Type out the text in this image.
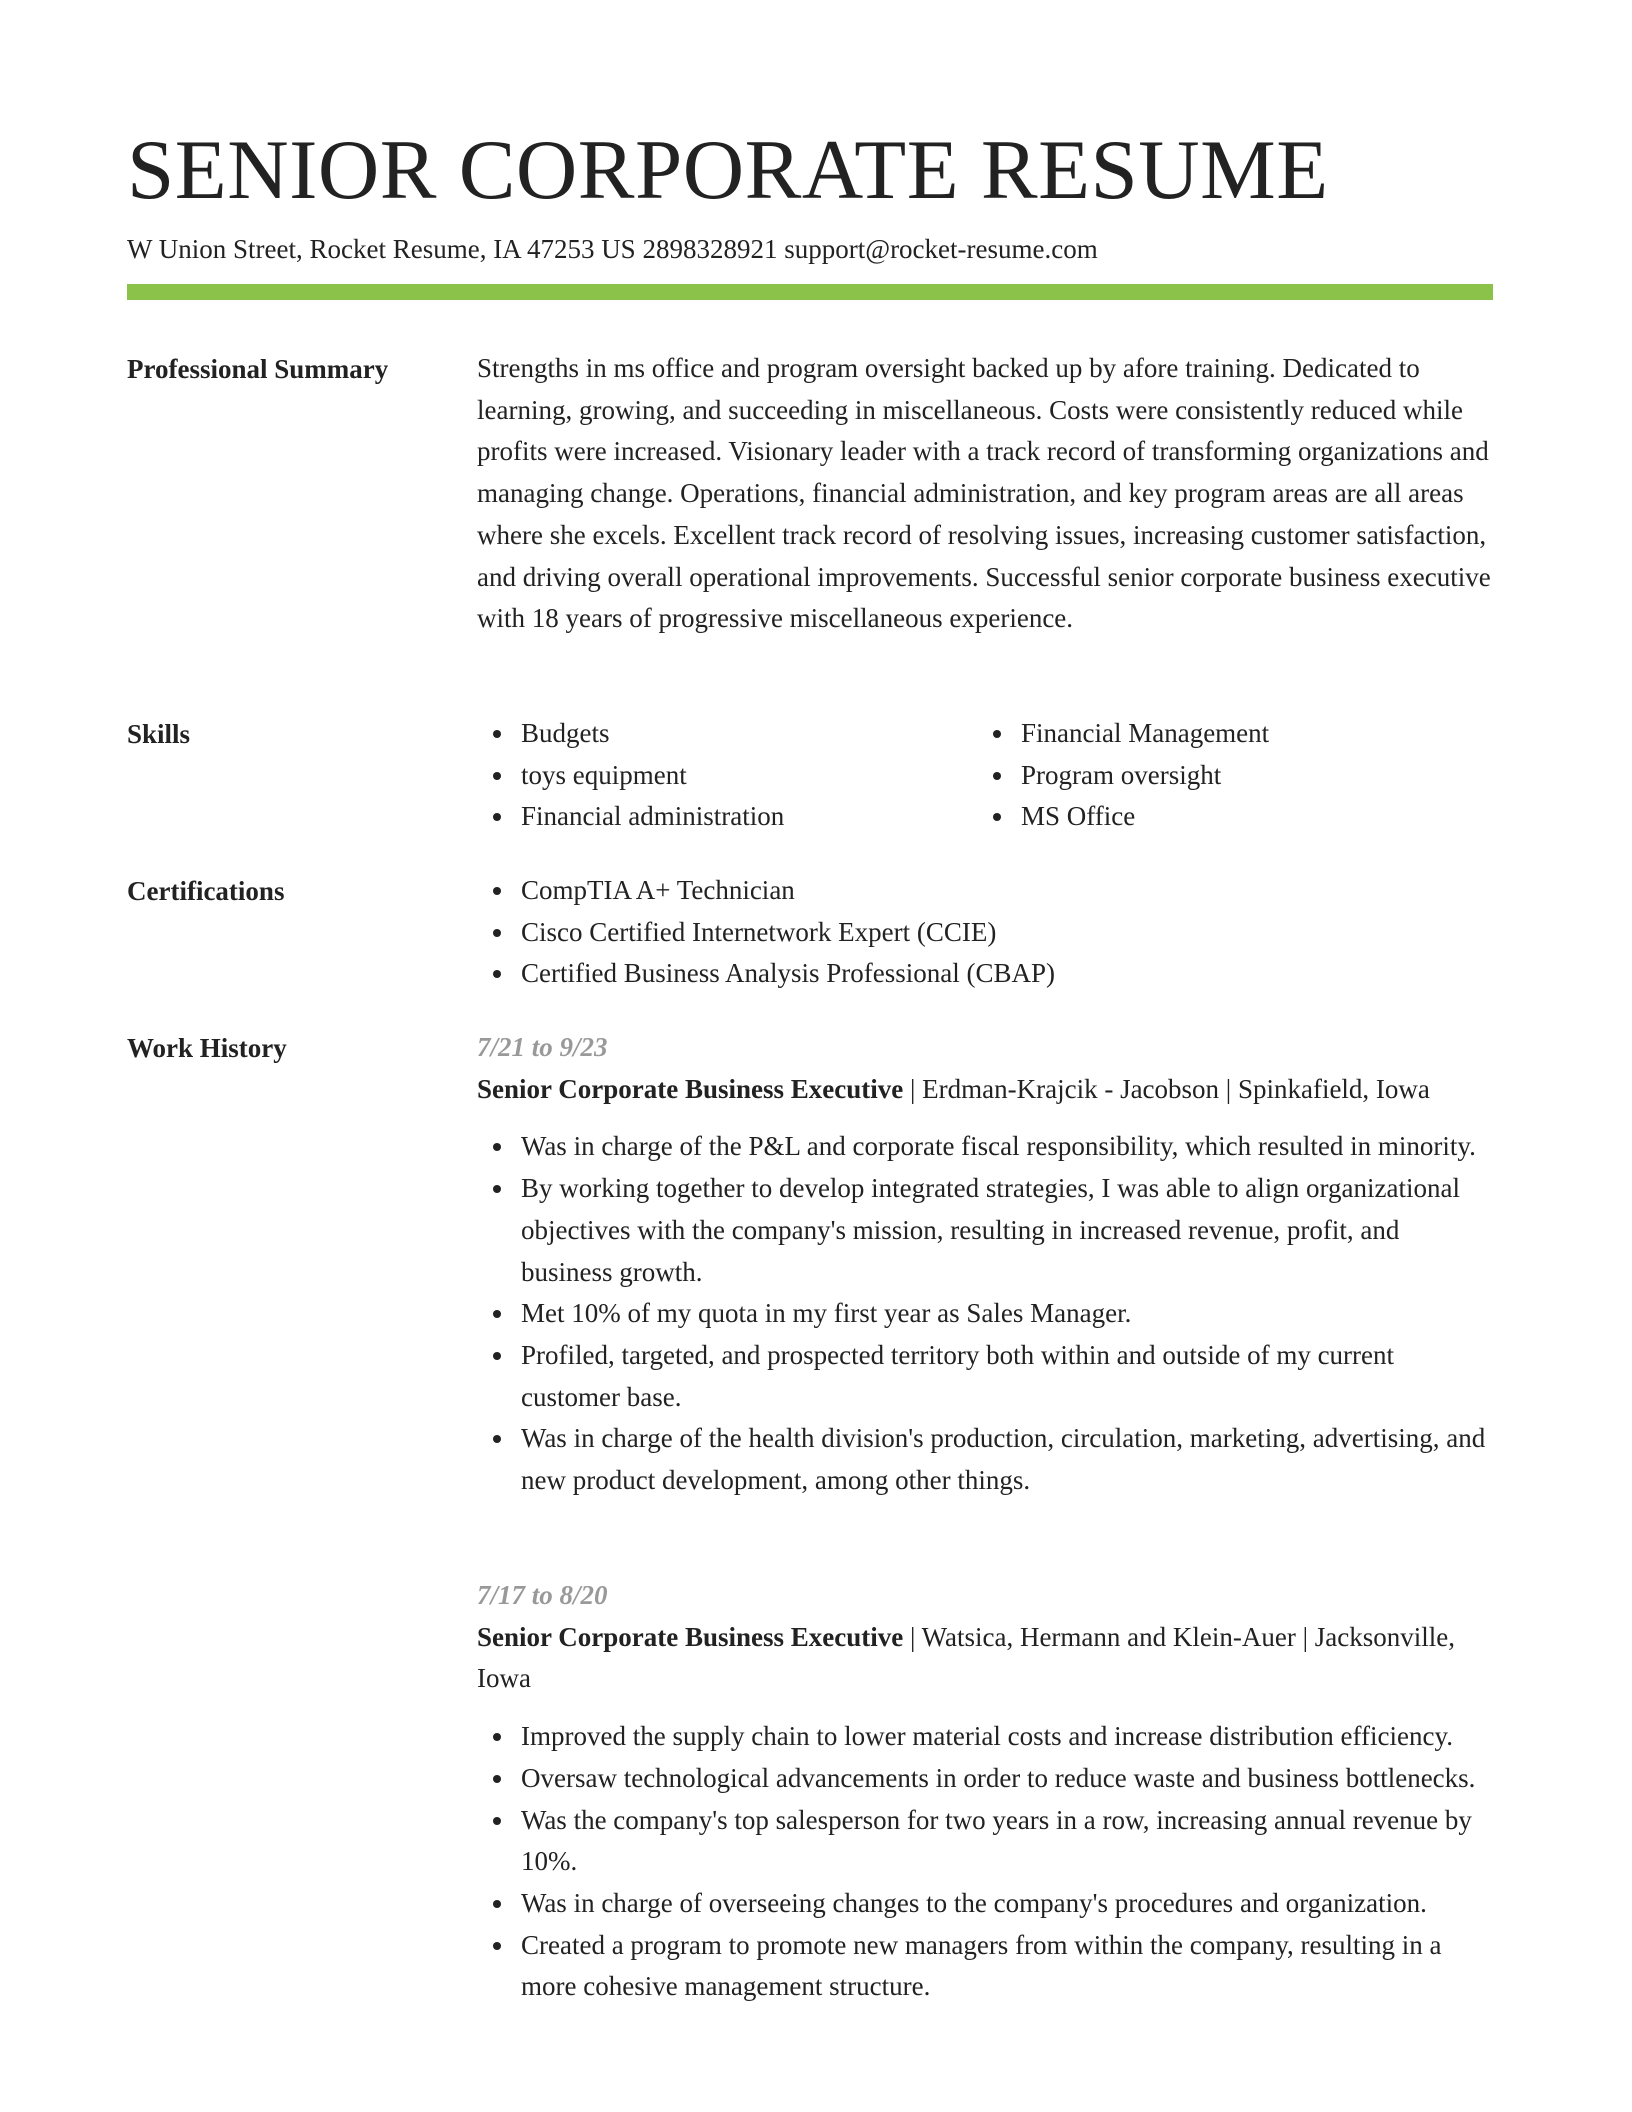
SENIOR CORPORATE RESUME
W Union Street, Rocket Resume, IA 47253 US 2898328921 support@rocket-resume.com
Professional Summary	Strengths in ms office and program oversight backed up by afore training. Dedicated to learning, growing, and succeeding in miscellaneous. Costs were consistently reduced while profits were increased. Visionary leader with a track record of transforming organizations and managing change. Operations, financial administration, and key program areas are all areas where she excels. Excellent track record of resolving issues, increasing customer satisfaction, and driving overall operational improvements. Successful senior corporate business executive with 18 years of progressive miscellaneous experience.

Skills	Budgets
toys equipment
Financial administration
Financial Management
Program oversight
MS Office
Certifications	CompTIA A+ Technician
Cisco Certified Internetwork Expert (CCIE)
Certified Business Analysis Professional (CBAP)
Work History	7/21 to 9/23
Senior Corporate Business Executive | Erdman-Krajcik - Jacobson | Spinkafield, Iowa
Was in charge of the P&L and corporate fiscal responsibility, which resulted in minority.
By working together to develop integrated strategies, I was able to align organizational objectives with the company's mission, resulting in increased revenue, profit, and business growth.
Met 10% of my quota in my first year as Sales Manager.
Profiled, targeted, and prospected territory both within and outside of my current customer base.
Was in charge of the health division's production, circulation, marketing, advertising, and new product development, among other things.
7/17 to 8/20
Senior Corporate Business Executive | Watsica, Hermann and Klein-Auer | Jacksonville, Iowa
Improved the supply chain to lower material costs and increase distribution efficiency.
Oversaw technological advancements in order to reduce waste and business bottlenecks.
Was the company's top salesperson for two years in a row, increasing annual revenue by 10%.
Was in charge of overseeing changes to the company's procedures and organization.
Created a program to promote new managers from within the company, resulting in a more cohesive management structure.
